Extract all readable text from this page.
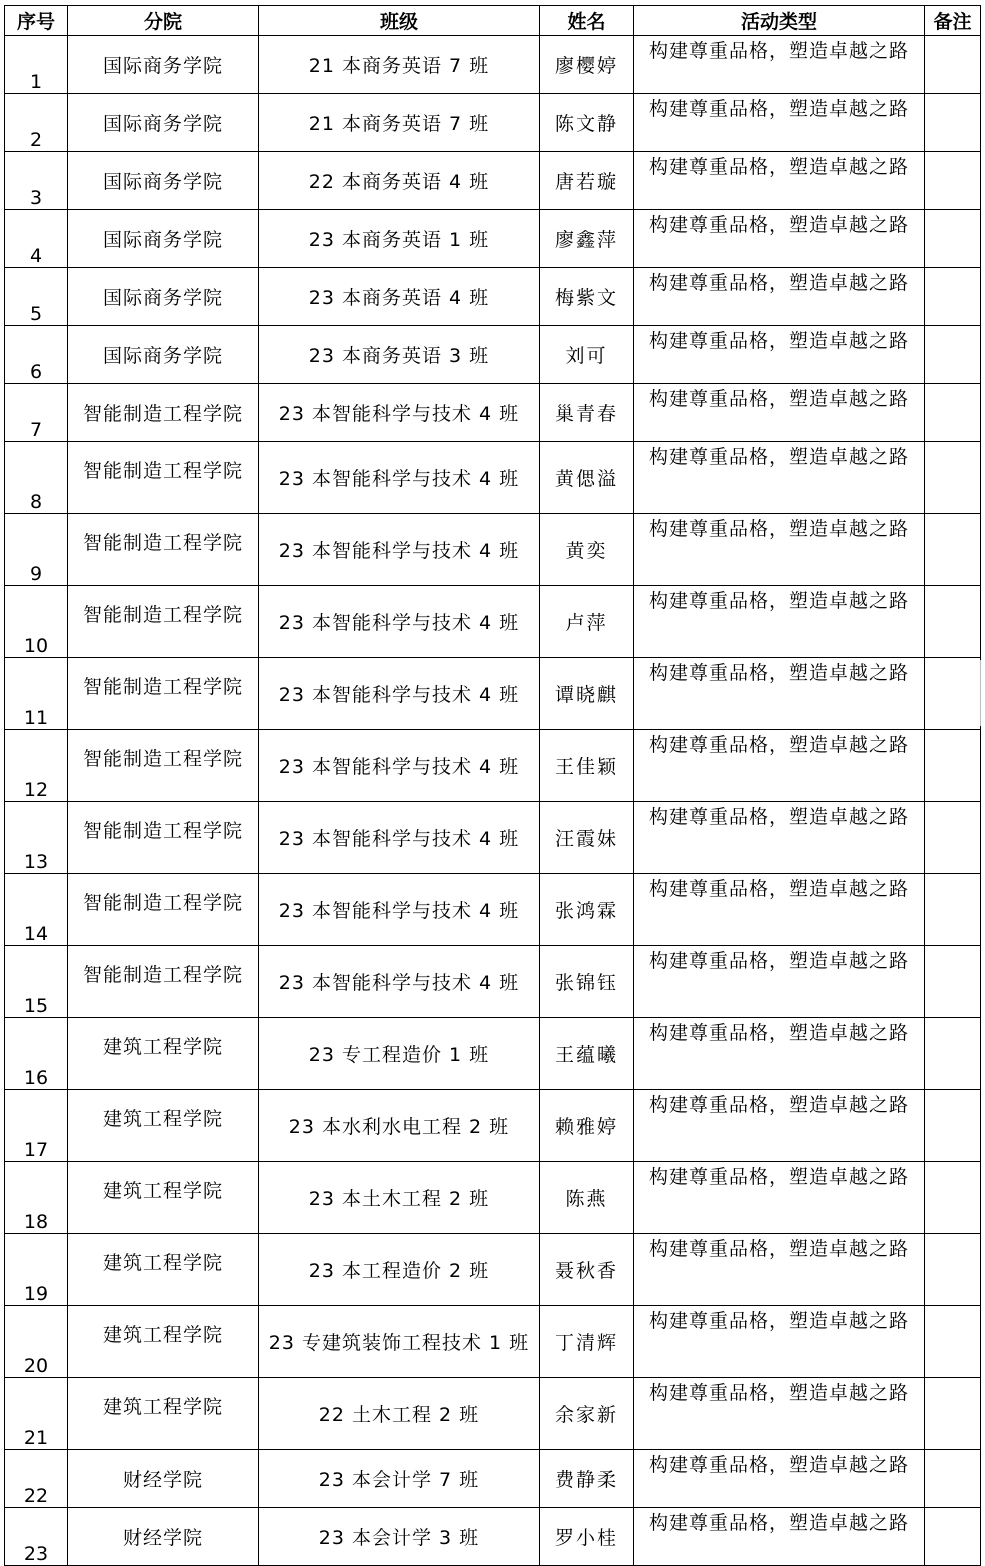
序号	分院	班级	姓名	活动类型	备注
1	国际商务学院	21 本商务英语 7 班	廖樱婷	构建尊重品格，塑造卓越之路	
2	国际商务学院	21 本商务英语 7 班	陈文静	构建尊重品格，塑造卓越之路	
3	国际商务学院	22 本商务英语 4 班	唐若璇	构建尊重品格，塑造卓越之路	
4	国际商务学院	23 本商务英语 1 班	廖鑫萍	构建尊重品格，塑造卓越之路	
5	国际商务学院	23 本商务英语 4 班	梅紫文	构建尊重品格，塑造卓越之路	
6	国际商务学院	23 本商务英语 3 班	刘可	构建尊重品格，塑造卓越之路	
7	智能制造工程学院	23 本智能科学与技术 4 班	巢青春	构建尊重品格，塑造卓越之路	
8	智能制造工程学院	23 本智能科学与技术 4 班	黄偲溢	构建尊重品格，塑造卓越之路	
9	智能制造工程学院	23 本智能科学与技术 4 班	黄奕	构建尊重品格，塑造卓越之路	
10	智能制造工程学院	23 本智能科学与技术 4 班	卢萍	构建尊重品格，塑造卓越之路	
11	智能制造工程学院	23 本智能科学与技术 4 班	谭晓麒	构建尊重品格，塑造卓越之路	
12	智能制造工程学院	23 本智能科学与技术 4 班	王佳颖	构建尊重品格，塑造卓越之路	
13	智能制造工程学院	23 本智能科学与技术 4 班	汪霞妹	构建尊重品格，塑造卓越之路	
14	智能制造工程学院	23 本智能科学与技术 4 班	张鸿霖	构建尊重品格，塑造卓越之路	
15	智能制造工程学院	23 本智能科学与技术 4 班	张锦钰	构建尊重品格，塑造卓越之路	
16	建筑工程学院	23 专工程造价 1 班	王蕴曦	构建尊重品格，塑造卓越之路	
17	建筑工程学院	23 本水利水电工程 2 班	赖雅婷	构建尊重品格，塑造卓越之路	
18	建筑工程学院	23 本土木工程 2 班	陈燕	构建尊重品格，塑造卓越之路	
19	建筑工程学院	23 本工程造价 2 班	聂秋香	构建尊重品格，塑造卓越之路	
20	建筑工程学院	23 专建筑装饰工程技术 1 班	丁清辉	构建尊重品格，塑造卓越之路	
21	建筑工程学院	22 土木工程 2 班	余家新	构建尊重品格，塑造卓越之路	
22	财经学院	23 本会计学 7 班	费静柔	构建尊重品格，塑造卓越之路	
23	财经学院	23 本会计学 3 班	罗小桂	构建尊重品格，塑造卓越之路	
